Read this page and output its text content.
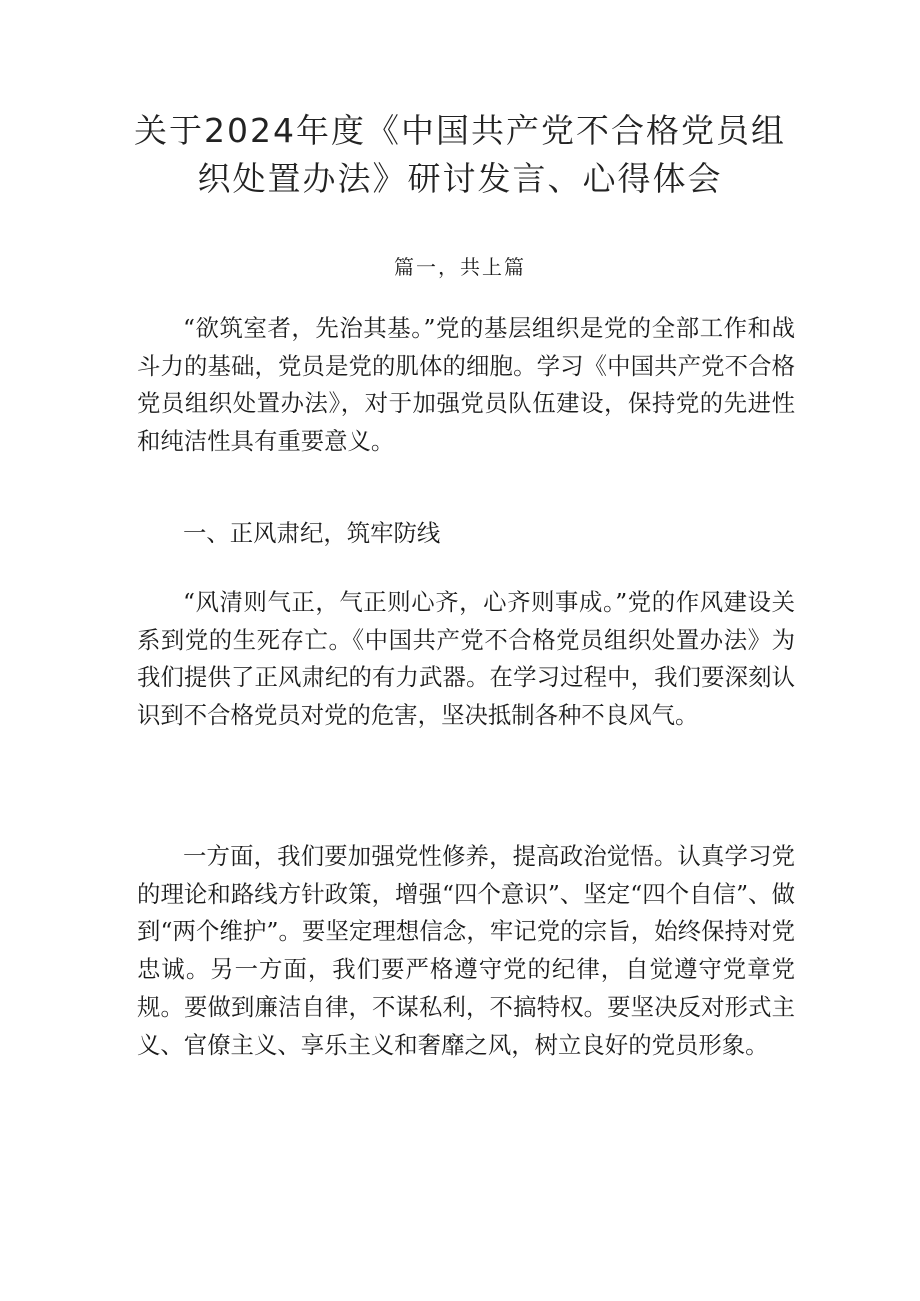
关于2024年度《中国共产党不合格党员组
织处置办法》研讨发言、心得体会
篇一，共上篇

“欲筑室者，先治其基。”党的基层组织是党的全部工作和战斗力的基础，党员是党的肌体的细胞。学习《中国共产党不合格党员组织处置办法》，对于加强党员队伍建设，保持党的先进性和纯洁性具有重要意义。

一、正风肃纪，筑牢防线

“风清则气正，气正则心齐，心齐则事成。”党的作风建设关系到党的生死存亡。《中国共产党不合格党员组织处置办法》为我们提供了正风肃纪的有力武器。在学习过程中，我们要深刻认识到不合格党员对党的危害，坚决抵制各种不良风气。

一方面，我们要加强党性修养，提高政治觉悟。认真学习党的理论和路线方针政策，增强“四个意识”、坚定“四个自信”、做到“两个维护”。要坚定理想信念，牢记党的宗旨，始终保持对党忠诚。另一方面，我们要严格遵守党的纪律，自觉遵守党章党规。要做到廉洁自律，不谋私利，不搞特权。要坚决反对形式主义、官僚主义、享乐主义和奢靡之风，树立良好的党员形象。
